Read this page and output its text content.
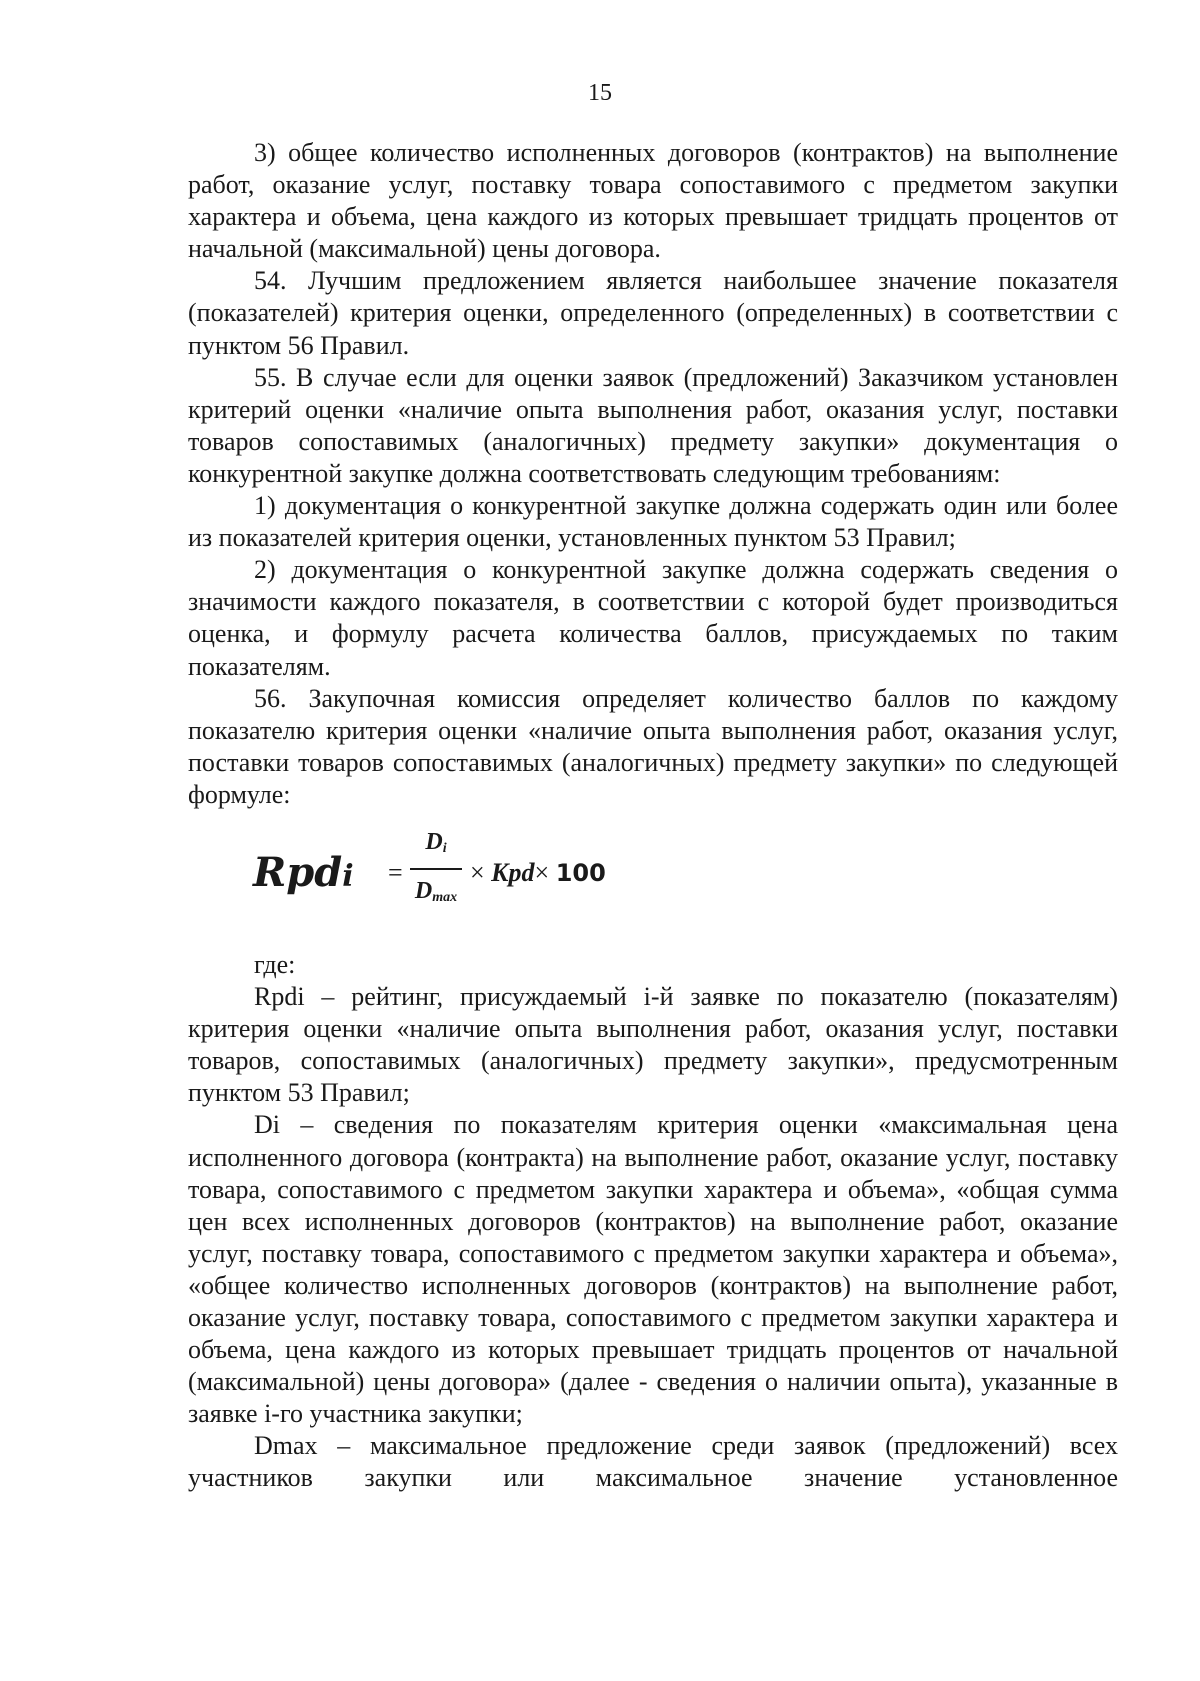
15

3) общее количество исполненных договоров (контрактов) на выполнение работ, оказание услуг, поставку товара сопоставимого с предметом закупки характера и объема, цена каждого из которых превышает тридцать процентов от начальной (максимальной) цены договора.

54. Лучшим предложением является наибольшее значение показателя (показателей) критерия оценки, определенного (определенных) в соответствии с пунктом 56 Правил.

55. В случае если для оценки заявок (предложений) Заказчиком установлен критерий оценки «наличие опыта выполнения работ, оказания услуг, поставки товаров сопоставимых (аналогичных) предмету закупки» документация о конкурентной закупке должна соответствовать следующим требованиям:

1) документация о конкурентной закупке должна содержать один или более из показателей критерия оценки, установленных пунктом 53 Правил;

2) документация о конкурентной закупке должна содержать сведения о значимости каждого показателя, в соответствии с которой будет производиться оценка, и формулу расчета количества баллов, присуждаемых по таким показателям.

56. Закупочная комиссия определяет количество баллов по каждому показателю критерия оценки «наличие опыта выполнения работ, оказания услуг, поставки товаров сопоставимых (аналогичных) предмету закупки» по следующей формуле:

Rpdi =
$D_i$
$D_{max}$
× Kpd× 100

где:

Rpdi – рейтинг, присуждаемый i-й заявке по показателю (показателям) критерия оценки «наличие опыта выполнения работ, оказания услуг, поставки товаров, сопоставимых (аналогичных) предмету закупки», предусмотренным пунктом 53 Правил;

Di – сведения по показателям критерия оценки «максимальная цена исполненного договора (контракта) на выполнение работ, оказание услуг, поставку товара, сопоставимого с предметом закупки характера и объема», «общая сумма цен всех исполненных договоров (контрактов) на выполнение работ, оказание услуг, поставку товара, сопоставимого с предметом закупки характера и объема», «общее количество исполненных договоров (контрактов) на выполнение работ, оказание услуг, поставку товара, сопоставимого с предметом закупки характера и объема, цена каждого из которых превышает тридцать процентов от начальной (максимальной) цены договора» (далее - сведения о наличии опыта), указанные в заявке i-го участника закупки;

Dmax – максимальное предложение среди заявок (предложений) всех участников закупки или максимальное значение установленное
